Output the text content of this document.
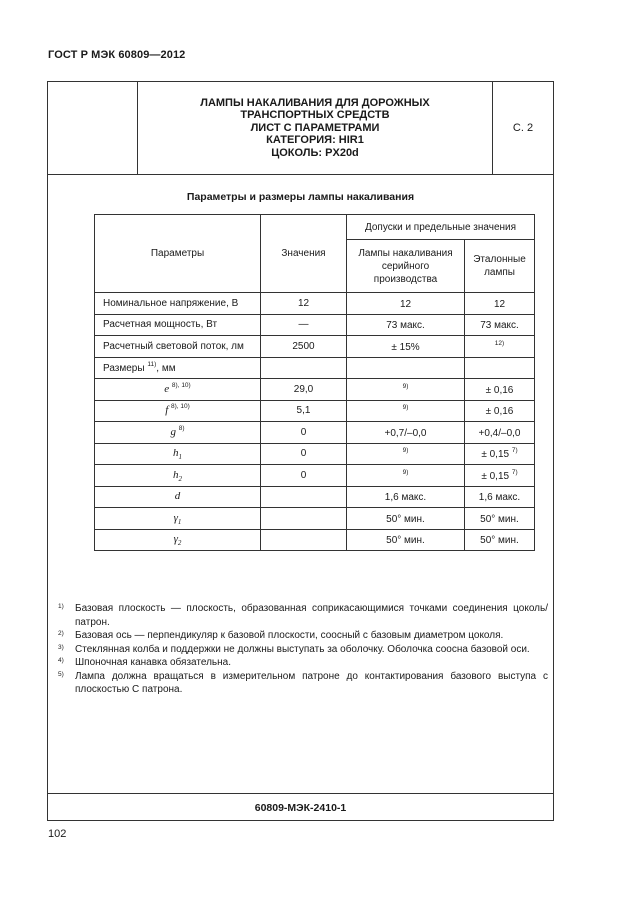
ГОСТ Р МЭК 60809—2012
ЛАМПЫ НАКАЛИВАНИЯ ДЛЯ ДОРОЖНЫХ
ТРАНСПОРТНЫХ СРЕДСТВ
ЛИСТ С ПАРАМЕТРАМИ
КАТЕГОРИЯ: HIR1
ЦОКОЛЬ: PX20d
С. 2
Параметры и размеры лампы накаливания
Параметры	Значения	Допуски и предельные значения	
		Лампы накаливания серийного производства	Эталонные лампы
Номинальное напряжение, В	12	12	12
Расчетная мощность, Вт	—	73 макс.	73 макс.
Расчетный световой поток, лм	2500	± 15%	$^{12)}$
Размеры $^{11)}$, мм			
e $^{8), 10)}$	29,0	$^{9)}$	± 0,16
f $^{8), 10)}$	5,1	$^{9)}$	± 0,16
g $^{8)}$	0	+0,7/–0,0	+0,4/–0,0
$h_1$	0	$^{9)}$	± 0,15 $^{7)}$
$h_2$	0	$^{9)}$	± 0,15 $^{7)}$
d		1,6 макс.	1,6 макс.
$\gamma_1$		50° мин.	50° мин.
$\gamma_2$		50° мин.	50° мин.
1) Базовая плоскость — плоскость, образованная соприкасающимися точками соединения цоколь/патрон.
2) Базовая ось — перпендикуляр к базовой плоскости, соосный с базовым диаметром цоколя.
3) Стеклянная колба и поддержки не должны выступать за оболочку. Оболочка соосна базовой оси.
4) Шпоночная канавка обязательна.
5) Лампа должна вращаться в измерительном патроне до контактирования базового выступа с плоскостью С патрона.
60809-МЭК-2410-1
102
